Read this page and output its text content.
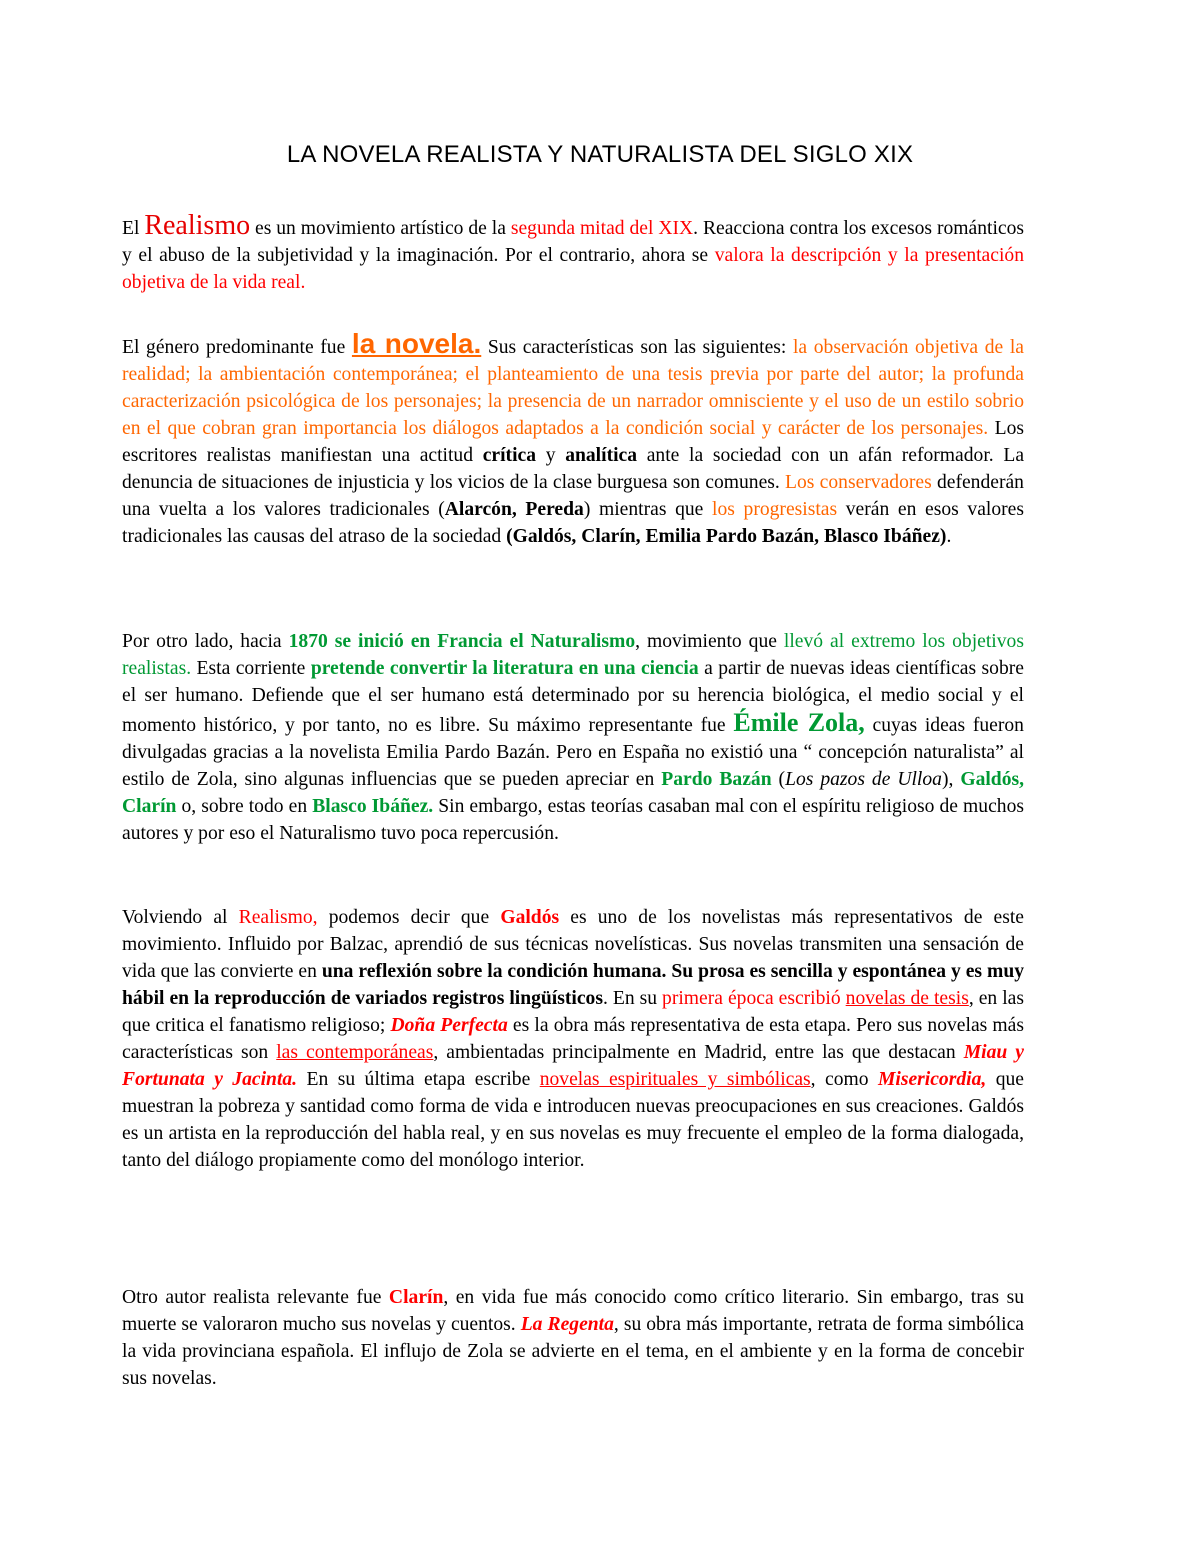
LA NOVELA REALISTA Y NATURALISTA DEL SIGLO XIX
El Realismo es un movimiento artístico de la segunda mitad del XIX. Reacciona contra los excesos románticos y el abuso de la subjetividad y la imaginación. Por el contrario, ahora se valora la descripción y la presentación objetiva de la vida real.
El género predominante fue la novela. Sus características son las siguientes: la observación objetiva de la realidad; la ambientación contemporánea; el planteamiento de una tesis previa por parte del autor; la profunda caracterización psicológica de los personajes; la presencia de un narrador omnisciente y el uso de un estilo sobrio en el que cobran gran importancia los diálogos adaptados a la condición social y carácter de los personajes. Los escritores realistas manifiestan una actitud crítica y analítica ante la sociedad con un afán reformador. La denuncia de situaciones de injusticia y los vicios de la clase burguesa son comunes. Los conservadores defenderán una vuelta a los valores tradicionales (Alarcón, Pereda) mientras que los progresistas verán en esos valores tradicionales las causas del atraso de la sociedad (Galdós, Clarín, Emilia Pardo Bazán, Blasco Ibáñez).
Por otro lado, hacia 1870 se inició en Francia el Naturalismo, movimiento que llevó al extremo los objetivos realistas. Esta corriente pretende convertir la literatura en una ciencia a partir de nuevas ideas científicas sobre el ser humano. Defiende que el ser humano está determinado por su herencia biológica, el medio social y el momento histórico, y por tanto, no es libre. Su máximo representante fue Émile Zola, cuyas ideas fueron divulgadas gracias a la novelista Emilia Pardo Bazán. Pero en España no existió una “ concepción naturalista” al estilo de Zola, sino algunas influencias que se pueden apreciar en Pardo Bazán (Los pazos de Ulloa), Galdós, Clarín o, sobre todo en Blasco Ibáñez. Sin embargo, estas teorías casaban mal con el espíritu religioso de muchos autores y por eso el Naturalismo tuvo poca repercusión.
Volviendo al Realismo, podemos decir que Galdós es uno de los novelistas más representativos de este movimiento. Influido por Balzac, aprendió de sus técnicas novelísticas. Sus novelas transmiten una sensación de vida que las convierte en una reflexión sobre la condición humana. Su prosa es sencilla y espontánea y es muy hábil en la reproducción de variados registros lingüísticos. En su primera época escribió novelas de tesis, en las que critica el fanatismo religioso; Doña Perfecta es la obra más representativa de esta etapa. Pero sus novelas más características son las contemporáneas, ambientadas principalmente en Madrid, entre las que destacan Miau y Fortunata y Jacinta. En su última etapa escribe novelas espirituales y simbólicas, como Misericordia, que muestran la pobreza y santidad como forma de vida e introducen nuevas preocupaciones en sus creaciones. Galdós es un artista en la reproducción del habla real, y en sus novelas es muy frecuente el empleo de la forma dialogada, tanto del diálogo propiamente como del monólogo interior.
Otro autor realista relevante fue Clarín, en vida fue más conocido como crítico literario. Sin embargo, tras su muerte se valoraron mucho sus novelas y cuentos. La Regenta, su obra más importante, retrata de forma simbólica la vida provinciana española. El influjo de Zola se advierte en el tema, en el ambiente y en la forma de concebir sus novelas.
